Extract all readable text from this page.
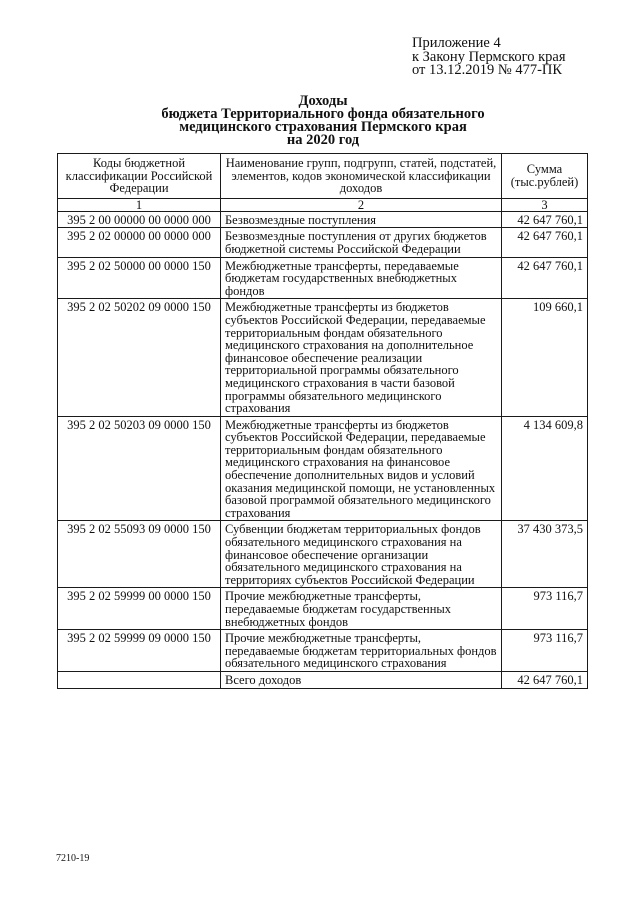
Приложение 4
к Закону Пермского края
от 13.12.2019 № 477-ПК
Доходы
бюджета Территориального фонда обязательного
медицинского страхования Пермского края
на 2020 год
Коды бюджетной классификации Российской Федерации	Наименование групп, подгрупп, статей, подстатей, элементов, кодов экономической классификации доходов	Сумма (тыс.рублей)
1	2	3
395 2 00 00000 00 0000 000	Безвозмездные поступления	42 647 760,1
395 2 02 00000 00 0000 000	Безвозмездные поступления от других бюджетов бюджетной системы Российской Федерации	42 647 760,1
395 2 02 50000 00 0000 150	Межбюджетные трансферты, передаваемые бюджетам государственных внебюджетных фондов	42 647 760,1
395 2 02 50202 09 0000 150	Межбюджетные трансферты из бюджетов субъектов Российской Федерации, передаваемые территориальным фондам обязательного медицинского страхования на дополнительное финансовое обеспечение реализации территориальной программы обязательного медицинского страхования в части базовой программы обязательного медицинского страхования	109 660,1
395 2 02 50203 09 0000 150	Межбюджетные трансферты из бюджетов субъектов Российской Федерации, передаваемые территориальным фондам обязательного медицинского страхования на финансовое обеспечение дополнительных видов и условий оказания медицинской помощи, не установленных базовой программой обязательного медицинского страхования	4 134 609,8
395 2 02 55093 09 0000 150	Субвенции бюджетам территориальных фондов обязательного медицинского страхования на финансовое обеспечение организации обязательного медицинского страхования на территориях субъектов Российской Федерации	37 430 373,5
395 2 02 59999 00 0000 150	Прочие межбюджетные трансферты, передаваемые бюджетам государственных внебюджетных фондов	973 116,7
395 2 02 59999 09 0000 150	Прочие межбюджетные трансферты, передаваемые бюджетам территориальных фондов обязательного медицинского страхования	973 116,7
	Всего доходов	42 647 760,1
7210-19
